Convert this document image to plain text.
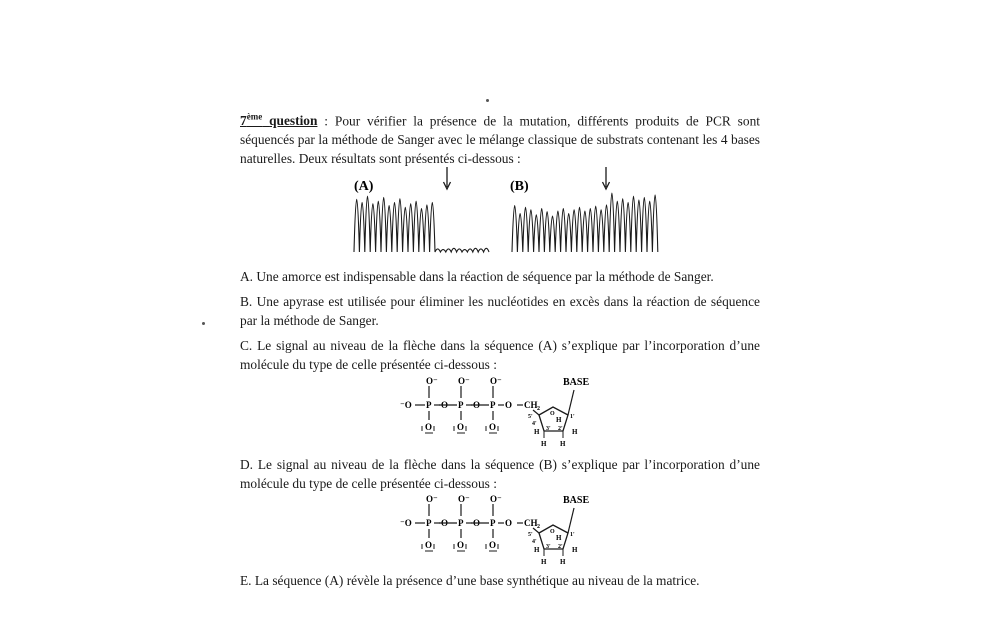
7ème question : Pour vérifier la présence de la mutation, différents produits de PCR sont séquencés par la méthode de Sanger avec le mélange classique de substrats contenant les 4 bases naturelles. Deux résultats sont présentés ci-dessous :
(A)	(B)
A. Une amorce est indispensable dans la réaction de séquence par la méthode de Sanger.
B. Une apyrase est utilisée pour éliminer les nucléotides en excès dans la réaction de séquence par la méthode de Sanger.
C. Le signal au niveau de la flèche dans la séquence (A) s’explique par l’incorporation d’une molécule du type de celle présentée ci-dessous :
⁻O P
O⁻
O
O P
O⁻
O
O P
O⁻
O
O CH 2
O
5'
4'
3' 2'
1'
BASE
H H
H	H
H
D. Le signal au niveau de la flèche dans la séquence (B) s’explique par l’incorporation d’une molécule du type de celle présentée ci-dessous :
⁻O P
O⁻
O
O P
O⁻
O
O P
O⁻
O
O CH 2
O
5'
4'
3' 2'
1'
BASE
H H
H	H
H
E. La séquence (A) révèle la présence d’une base synthétique au niveau de la matrice.
